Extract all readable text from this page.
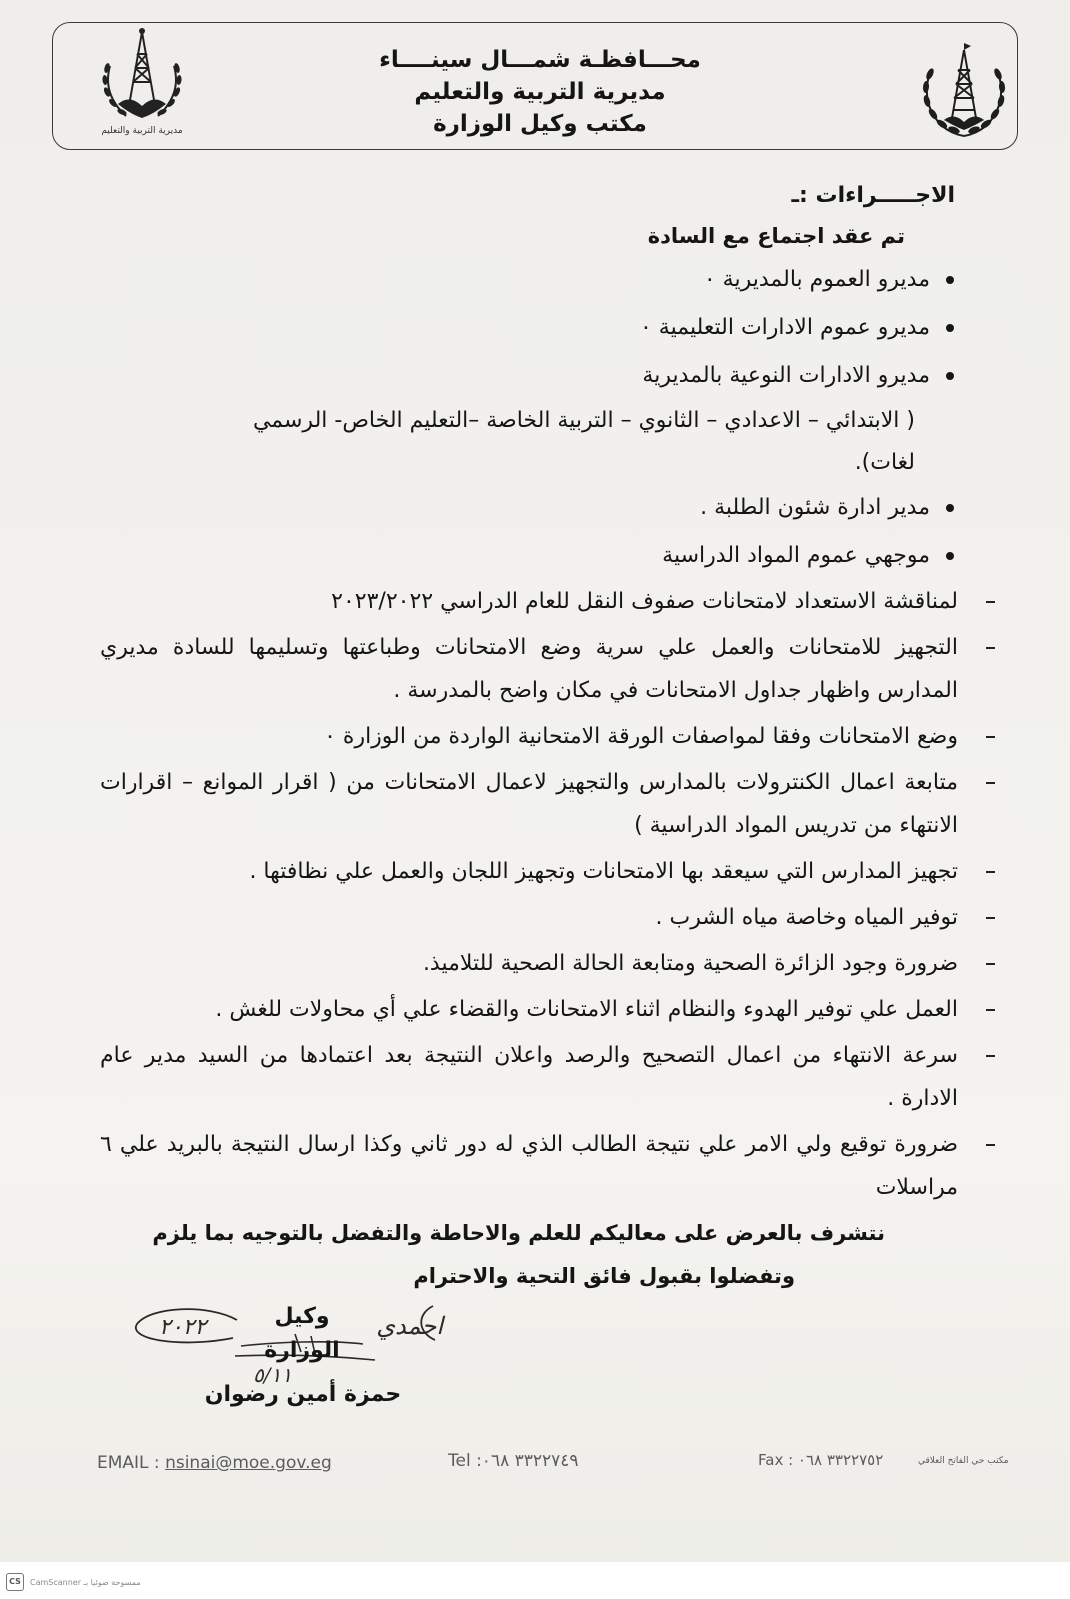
مديرية التربية والتعليم
محـــافظـة شمـــال سينــــاء
مديرية التربية والتعليم
مكتب وكيل الوزارة
الاجـــــراءات :ـ
تم عقد اجتماع مع السادة
مديرو العموم بالمديرية ٠
مديرو عموم الادارات التعليمية ٠
مديرو الادارات النوعية بالمديرية
( الابتدائي – الاعدادي – الثانوي – التربية الخاصة –التعليم الخاص- الرسمي لغات).
مدير ادارة شئون الطلبة .
موجهي عموم المواد الدراسية
لمناقشة الاستعداد لامتحانات صفوف النقل للعام الدراسي ٢٠٢٣/٢٠٢٢
التجهيز للامتحانات والعمل علي سرية وضع الامتحانات وطباعتها وتسليمها للسادة مديري المدارس واظهار جداول الامتحانات في مكان واضح بالمدرسة .
وضع الامتحانات وفقا لمواصفات الورقة الامتحانية الواردة من الوزارة ٠
متابعة اعمال الكنترولات بالمدارس والتجهيز لاعمال الامتحانات من ( اقرار الموانع – اقرارات الانتهاء من تدريس المواد الدراسية )
تجهيز المدارس التي سيعقد بها الامتحانات وتجهيز اللجان والعمل علي نظافتها .
توفير المياه وخاصة مياه الشرب .
ضرورة وجود الزائرة الصحية ومتابعة الحالة الصحية للتلاميذ.
العمل علي توفير الهدوء والنظام اثناء الامتحانات والقضاء علي أي محاولات للغش .
سرعة الانتهاء من اعمال التصحيح والرصد واعلان النتيجة بعد اعتمادها من السيد مدير عام الادارة .
ضرورة توقيع ولي الامر علي نتيجة الطالب الذي له دور ثاني وكذا ارسال النتيجة بالبريد علي ٦ مراسلات
نتشرف بالعرض على معاليكم للعلم والاحاطة والتفضل بالتوجيه بما يلزم
وتفضلوا بقبول فائق التحية والاحترام
٢٠٢٢
٥/١١
احمدي
وكيل الوزارة
حمزة أمين رضوان
EMAIL : nsinai@moe.gov.eg	Tel :٠٦٨ ٣٣٢٢٧٤٩	Fax : ٠٦٨ ٣٣٢٢٧٥٢	مكتب حي الفاتح العلاقي
CS	ممسوحة ضوئيا بـ CamScanner
